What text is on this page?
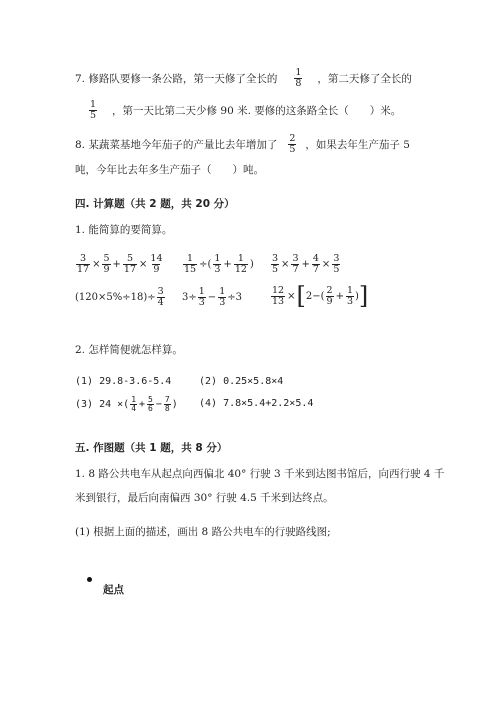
7. 修路队要修一条公路，第一天修了全长的 $\frac{1}{8}$ ，第二天修了全长的
$\frac{1}{5}$ ，第一天比第二天少修 90 米. 要修的这条路全长（　　）米。
8. 某蔬菜基地今年茄子的产量比去年增加了 $\frac{2}{5}$ ，如果去年生产茄子 5
吨，今年比去年多生产茄子（　　）吨。
四. 计算题（共 2 题，共 20 分）
1. 能简算的要简算。
$\frac{3}{17} \times \frac{5}{9} + \frac{5}{17} \times \frac{14}{9} \frac{1}{15}$ ÷( $\frac{1}{3} + \frac{1}{12}$ ) $\frac{3}{5} \times \frac{3}{7} + \frac{4}{7} \times \frac{3}{5}$
$(120\times 5\%\div 18)\div \frac{3}{4} 3\div \frac{1}{3} - \frac{1}{3} \div 3$	$\frac{12}{13}$ × [ $2-( \frac{2}{9} + \frac{1}{3}$ ) ]
2. 怎样简便就怎样算。
(1) 29.8-3.6-5.4	(2) 0.25×5.8×4
(3) 24 ×( $\frac{1}{4} + \frac{5}{6} - \frac{7}{8}$ ) (4) 7.8×5.4+2.2×5.4
五. 作图题（共 1 题，共 8 分）
1. 8 路公共电车从起点向西偏北 40° 行驶 3 千米到达图书馆后，向西行驶 4 千
米到银行，最后向南偏西 30° 行驶 4.5 千米到达终点。
(1) 根据上面的描述，画出 8 路公共电车的行驶路线图;
起点
